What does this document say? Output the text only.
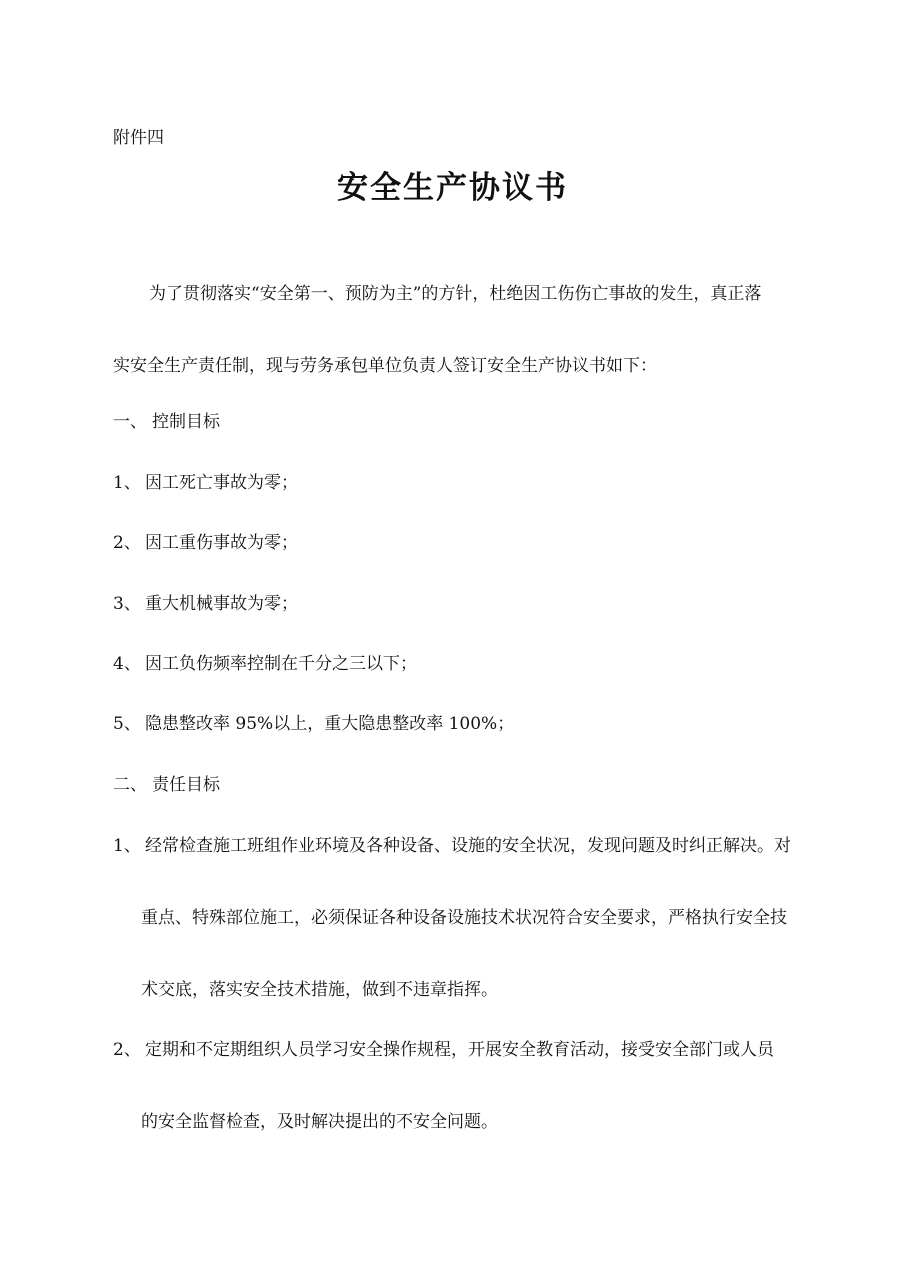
附件四
安全生产协议书
为了贯彻落实“安全第一、预防为主”的方针，杜绝因工伤伤亡事故的发生，真正落
实安全生产责任制，现与劳务承包单位负责人签订安全生产协议书如下：
一、 控制目标
1、 因工死亡事故为零；
2、 因工重伤事故为零；
3、 重大机械事故为零；
4、 因工负伤频率控制在千分之三以下；
5、 隐患整改率 95%以上，重大隐患整改率 100%；
二、 责任目标
1、 经常检查施工班组作业环境及各种设备、设施的安全状况，发现问题及时纠正解决。对
重点、特殊部位施工，必须保证各种设备设施技术状况符合安全要求，严格执行安全技
术交底，落实安全技术措施，做到不违章指挥。
2、 定期和不定期组织人员学习安全操作规程，开展安全教育活动，接受安全部门或人员
的安全监督检查，及时解决提出的不安全问题。
